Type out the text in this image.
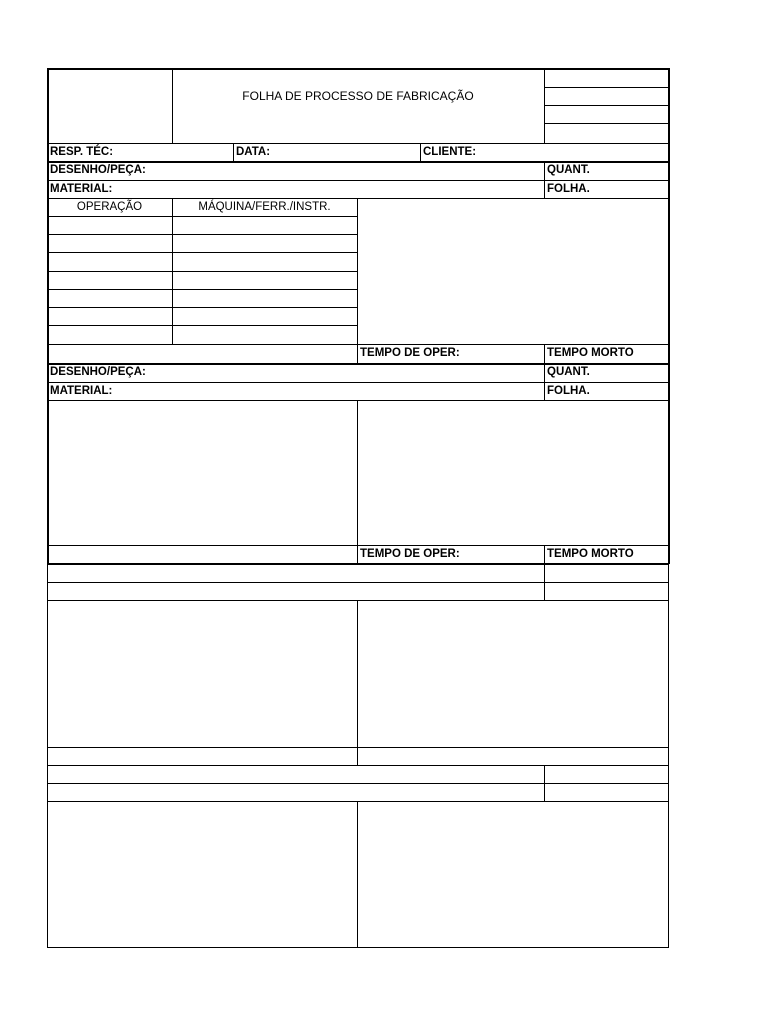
FOLHA DE PROCESSO DE FABRICAÇÃO
RESP. TÉC:	DATA:	CLIENTE:
DESENHO/PEÇA:	QUANT.
MATERIAL:	FOLHA.
OPERAÇÃO	MÁQUINA/FERR./INSTR.
TEMPO DE OPER:	TEMPO MORTO
DESENHO/PEÇA:	QUANT.
MATERIAL:	FOLHA.
TEMPO DE OPER:	TEMPO MORTO
